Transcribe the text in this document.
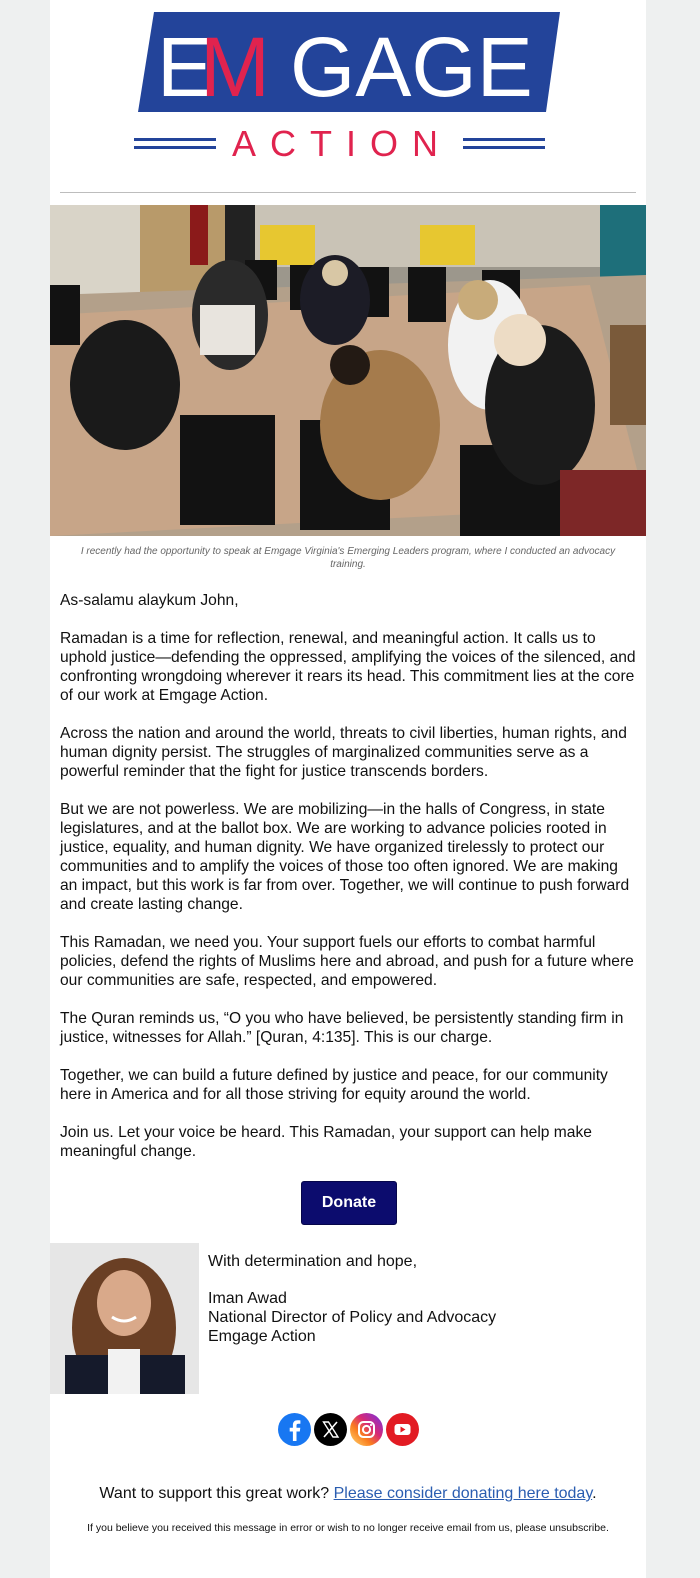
E
M GAGE
ACTION
I recently had the opportunity to speak at Emgage Virginia's Emerging Leaders program, where I conducted an advocacy training.

As-salamu alaykum John,

Ramadan is a time for reflection, renewal, and meaningful action. It calls us to uphold justice—defending the oppressed, amplifying the voices of the silenced, and confronting wrongdoing wherever it rears its head. This commitment lies at the core of our work at Emgage Action.

Across the nation and around the world, threats to civil liberties, human rights, and human dignity persist. The struggles of marginalized communities serve as a powerful reminder that the fight for justice transcends borders.

But we are not powerless. We are mobilizing—in the halls of Congress, in state legislatures, and at the ballot box. We are working to advance policies rooted in justice, equality, and human dignity. We have organized tirelessly to protect our communities and to amplify the voices of those too often ignored. We are making an impact, but this work is far from over. Together, we will continue to push forward and create lasting change.

This Ramadan, we need you. Your support fuels our efforts to combat harmful policies, defend the rights of Muslims here and abroad, and push for a future where our communities are safe, respected, and empowered.

The Quran reminds us, “O you who have believed, be persistently standing firm in justice, witnesses for Allah.” [Quran, 4:135]. This is our charge.

Together, we can build a future defined by justice and peace, for our community here in America and for all those striving for equity around the world.

Join us. Let your voice be heard. This Ramadan, your support can help make meaningful change.

Donate
With determination and hope,
Iman Awad
National Director of Policy and Advocacy
Emgage Action
Want to support this great work? Please consider donating here today.
If you believe you received this message in error or wish to no longer receive email from us, please unsubscribe.
